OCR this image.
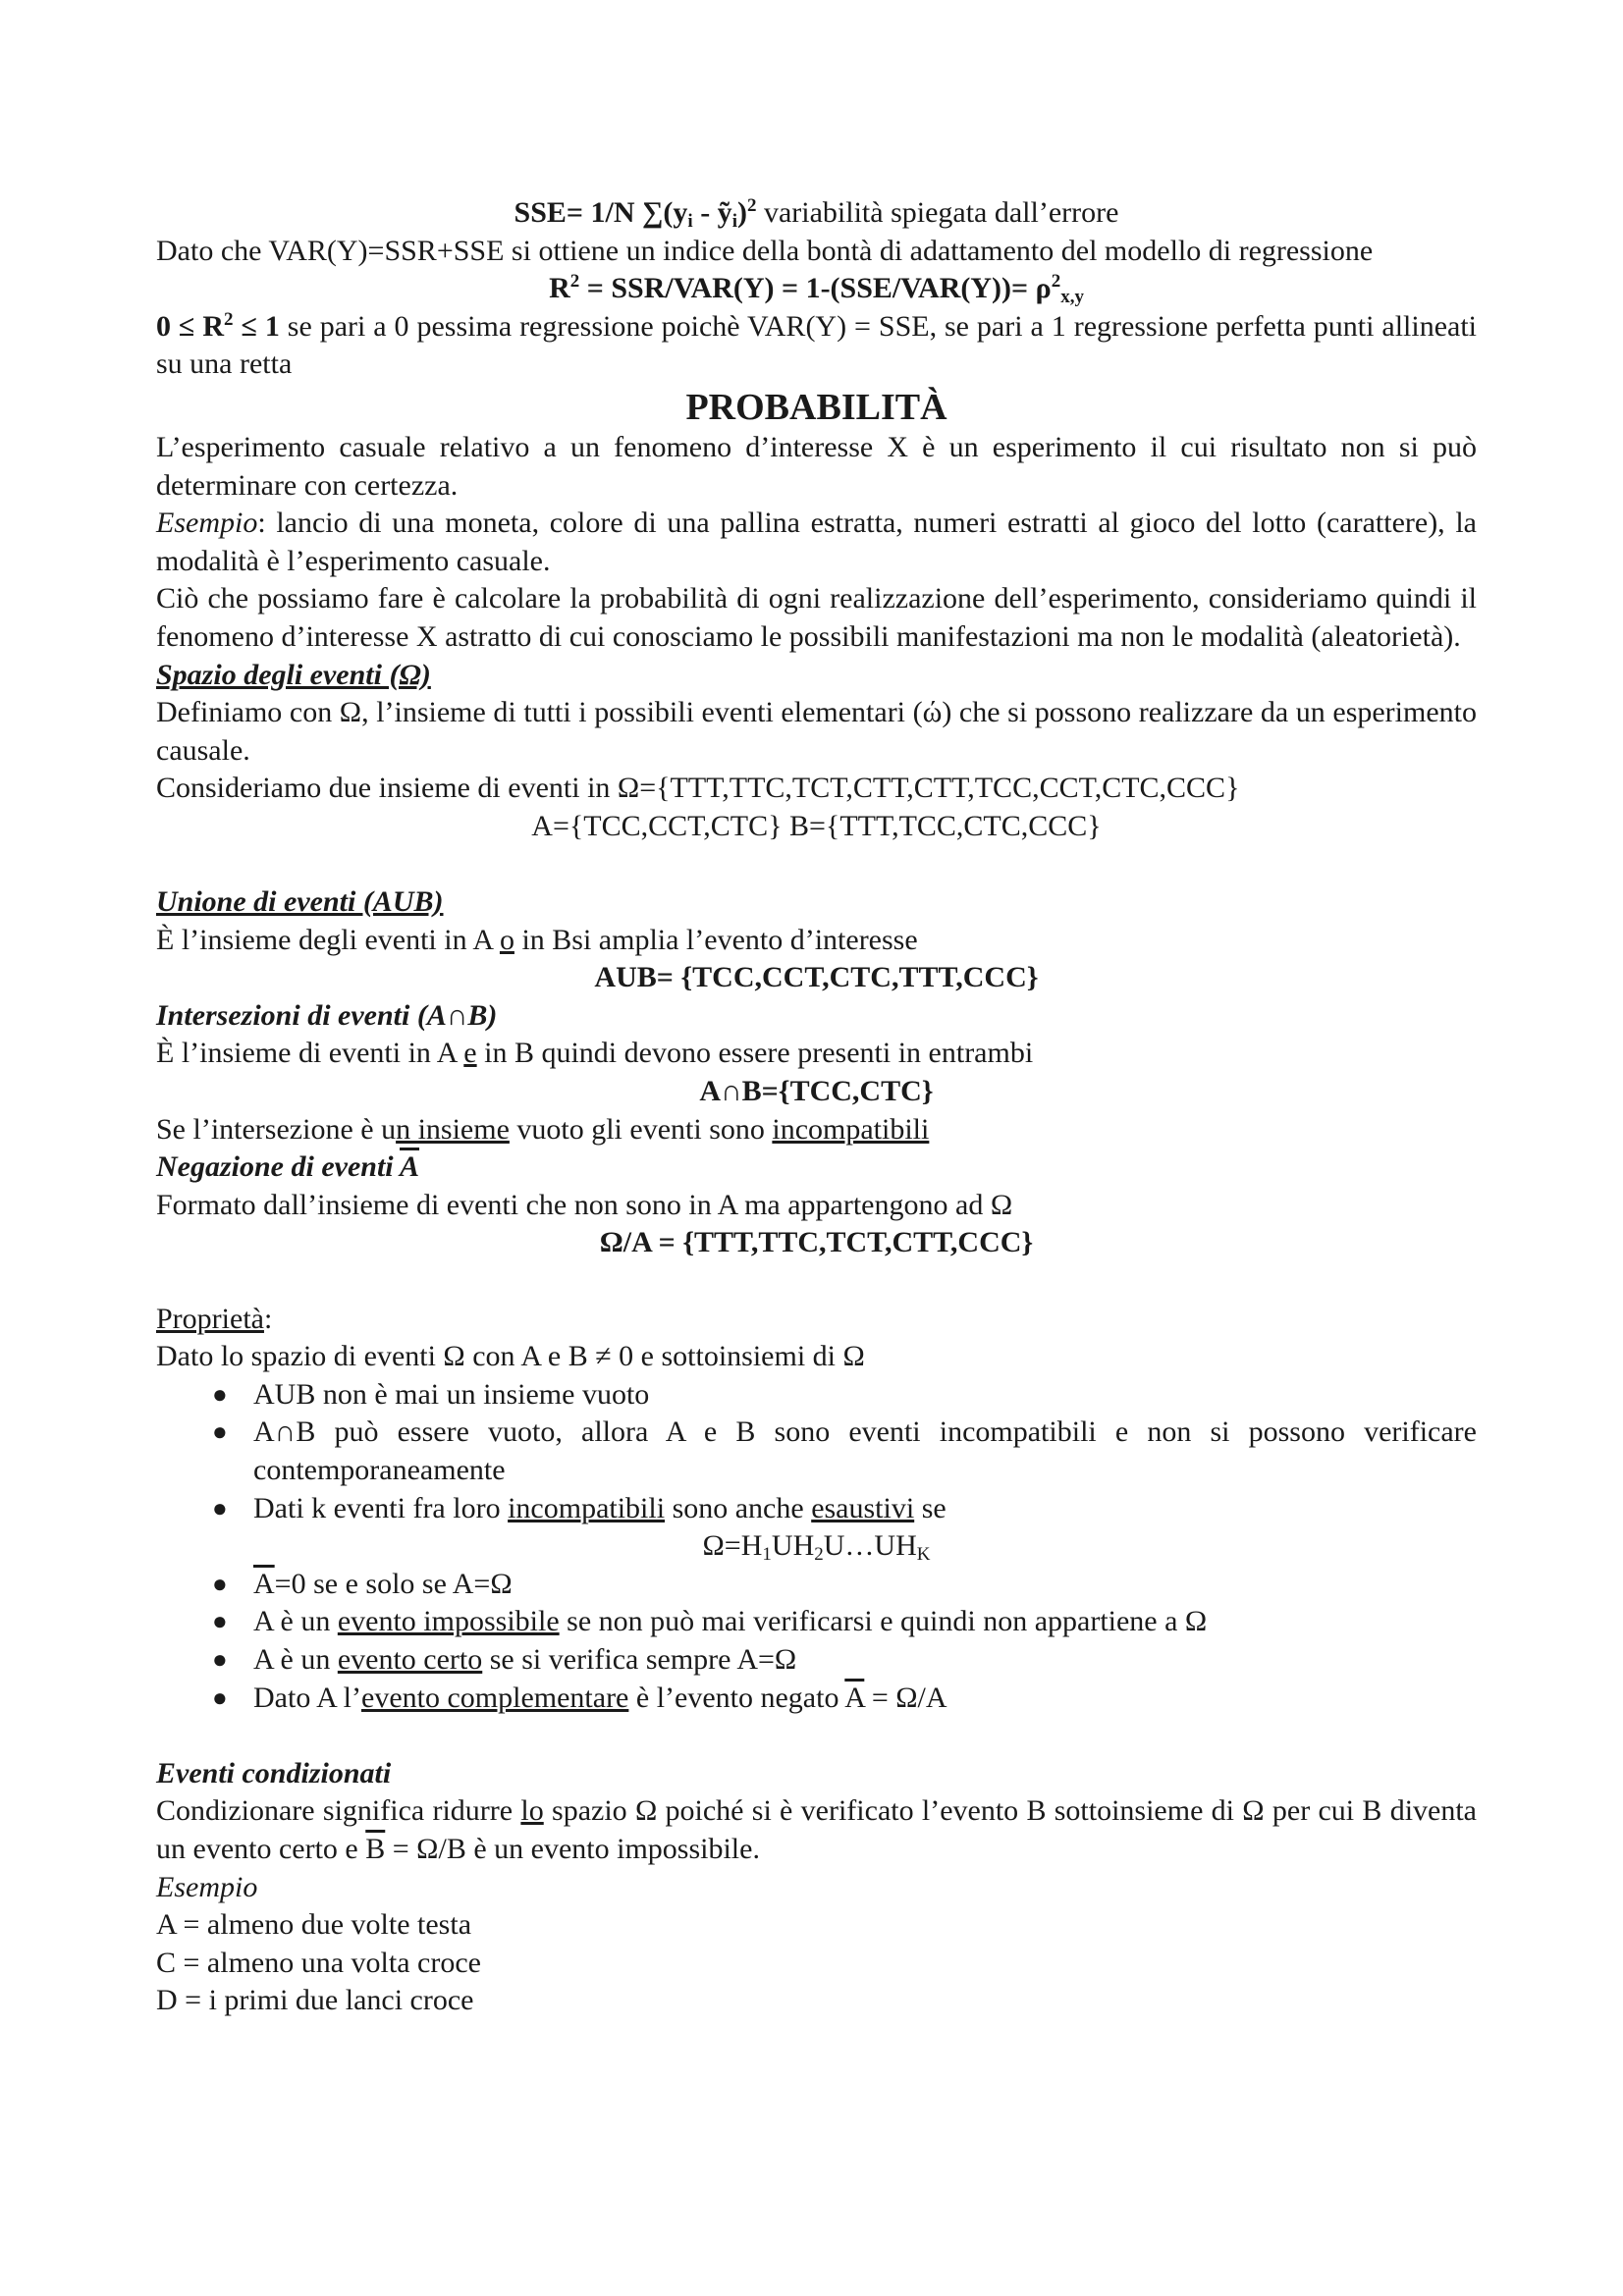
SSE= 1/N $\sum(y_i$ - ỹ$_i$)$^2$ variabilità spiegata dall’errore

Dato che VAR(Y)=SSR+SSE si ottiene un indice della bontà di adattamento del modello di regressione

$R^2 = SSR/VAR(Y) = 1-(SSE/VAR(Y))= \rho^2_{x,y}$

$0 \le R^2 \le 1$ se pari a 0 pessima regressione poichè VAR(Y) = SSE, se pari a 1 regressione perfetta punti allineati su una retta

PROBABILITÀ

L’esperimento casuale relativo a un fenomeno d’interesse X è un esperimento il cui risultato non si può determinare con certezza.

Esempio: lancio di una moneta, colore di una pallina estratta, numeri estratti al gioco del lotto (carattere), la modalità è l’esperimento casuale.

Ciò che possiamo fare è calcolare la probabilità di ogni realizzazione dell’esperimento, consideriamo quindi il fenomeno d’interesse X astratto di cui conosciamo le possibili manifestazioni ma non le modalità (aleatorietà).

Spazio degli eventi (Ω)

Definiamo con Ω, l’insieme di tutti i possibili eventi elementari (ώ) che si possono realizzare da un esperimento causale.

Consideriamo due insieme di eventi in Ω={TTT,TTC,TCT,CTT,CTT,TCC,CCT,CTC,CCC}

A={TCC,CCT,CTC} B={TTT,TCC,CTC,CCC}

Unione di eventi (AUB)

È l’insieme degli eventi in A o in Bsi amplia l’evento d’interesse

AUB= {TCC,CCT,CTC,TTT,CCC}

Intersezioni di eventi (A∩B)

È l’insieme di eventi in A e in B quindi devono essere presenti in entrambi

A∩B={TCC,CTC}

Se l’intersezione è un insieme vuoto gli eventi sono incompatibili

Negazione di eventi $\overline{A}$

Formato dall’insieme di eventi che non sono in A ma appartengono ad Ω

Ω/A = {TTT,TTC,TCT,CTT,CCC}

Proprietà:

Dato lo spazio di eventi Ω con A e B ≠ 0 e sottoinsiemi di Ω

● AUB non è mai un insieme vuoto
● A∩B può essere vuoto, allora A e B sono eventi incompatibili e non si possono verificare contemporaneamente
● Dati k eventi fra loro incompatibili sono anche esaustivi se
$\Omega=H_1UH_2U\dots UH_K$
● $\overline{A}=0$ se e solo se A=Ω
● A è un evento impossibile se non può mai verificarsi e quindi non appartiene a Ω
● A è un evento certo se si verifica sempre A=Ω
● Dato A l’evento complementare è l’evento negato $\overline{A} = \Omega/A$

Eventi condizionati

Condizionare significa ridurre lo spazio Ω poiché si è verificato l’evento B sottoinsieme di Ω per cui B diventa un evento certo e $\overline{B} = \Omega/B$ è un evento impossibile.

Esempio

A = almeno due volte testa

C = almeno una volta croce

D = i primi due lanci croce
